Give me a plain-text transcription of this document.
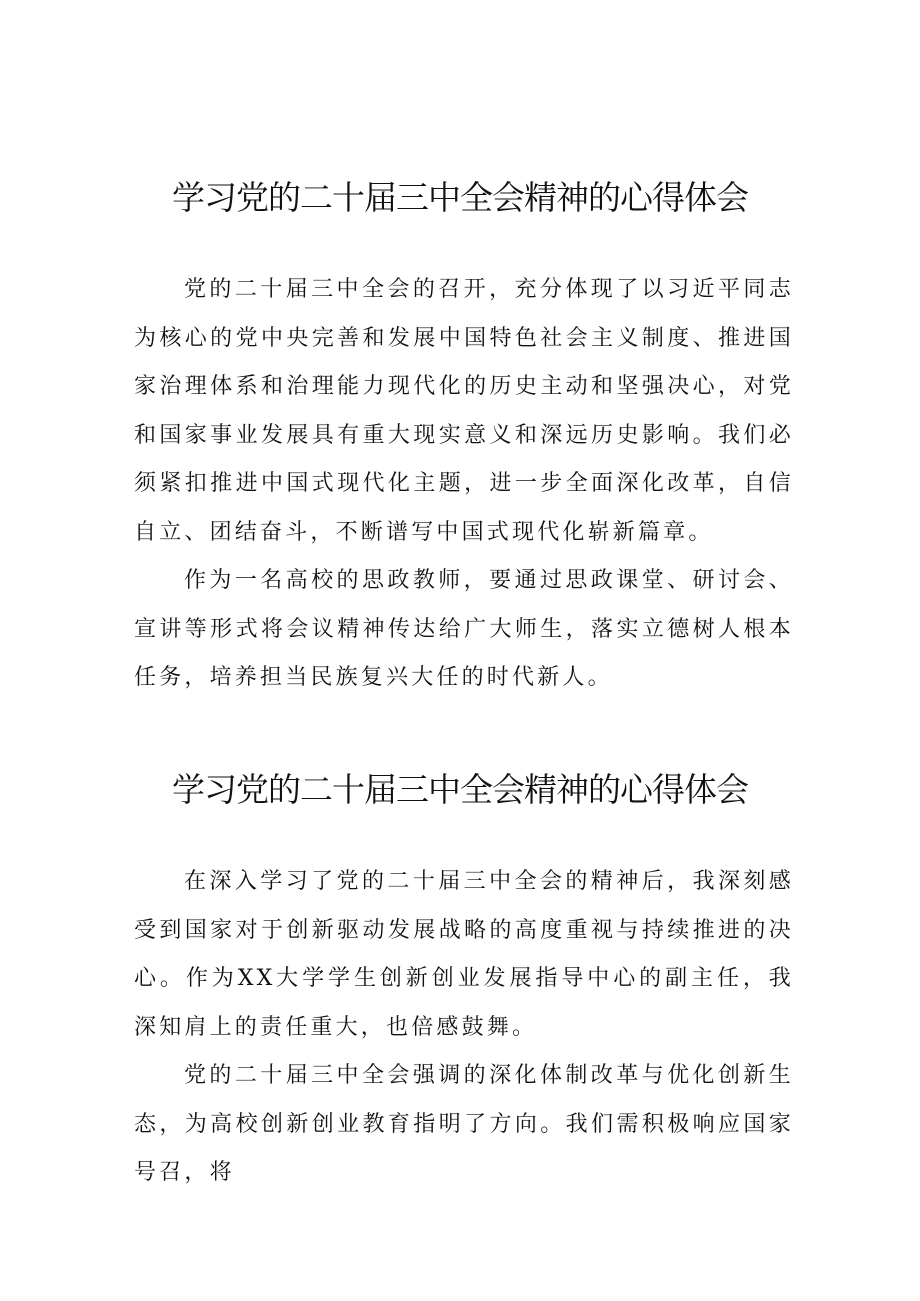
学习党的二十届三中全会精神的心得体会

党的二十届三中全会的召开，充分体现了以习近平同志为核心的党中央完善和发展中国特色社会主义制度、推进国家治理体系和治理能力现代化的历史主动和坚强决心，对党和国家事业发展具有重大现实意义和深远历史影响。我们必须紧扣推进中国式现代化主题，进一步全面深化改革，自信自立、团结奋斗，不断谱写中国式现代化崭新篇章。

作为一名高校的思政教师，要通过思政课堂、研讨会、宣讲等形式将会议精神传达给广大师生，落实立德树人根本任务，培养担当民族复兴大任的时代新人。

学习党的二十届三中全会精神的心得体会

在深入学习了党的二十届三中全会的精神后，我深刻感受到国家对于创新驱动发展战略的高度重视与持续推进的决心。作为XX大学学生创新创业发展指导中心的副主任，我深知肩上的责任重大，也倍感鼓舞。

党的二十届三中全会强调的深化体制改革与优化创新生态，为高校创新创业教育指明了方向。我们需积极响应国家号召，将
